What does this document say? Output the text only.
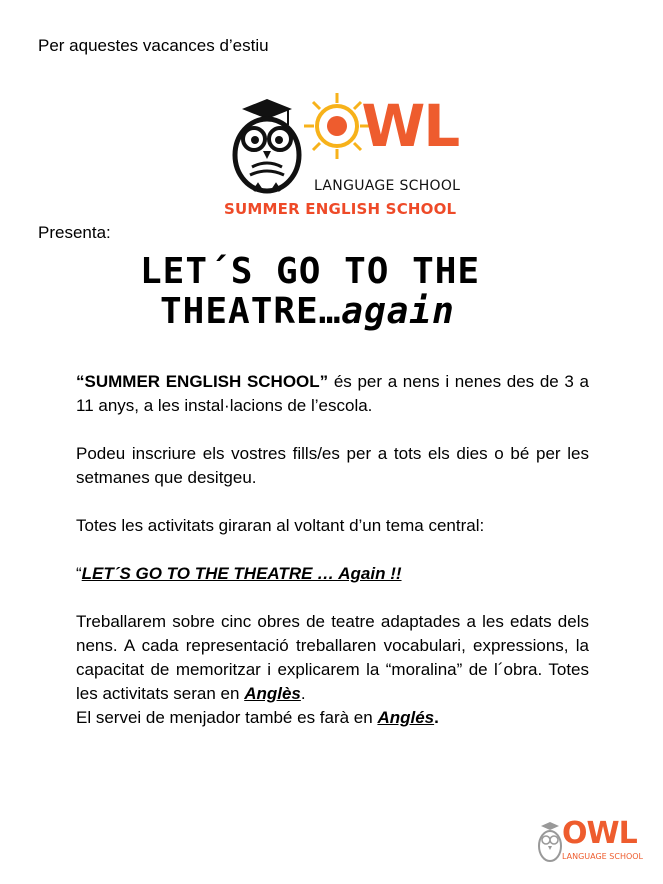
Per aquestes vacances d’estiu
WL
LANGUAGE SCHOOL
SUMMER ENGLISH SCHOOL
Presenta:
LET´S GO TO THE
THEATRE…again

“SUMMER ENGLISH SCHOOL” és per a nens i nenes des de 3 a 11 anys, a les instal·lacions de l’escola.

Podeu inscriure els vostres fills/es per a tots els dies o bé per les setmanes que desitgeu.

Totes les activitats giraran al voltant d’un tema central:

“LET´S GO TO THE THEATRE … Again !!

Treballarem sobre cinc obres de teatre adaptades a les edats dels nens. A cada representació treballaren vocabulari, expressions, la capacitat de memoritzar i explicarem la “moralina” de l´obra. Totes les activitats seran en Anglès.

El servei de menjador també es farà en Anglés.

OWL
LANGUAGE SCHOOL
